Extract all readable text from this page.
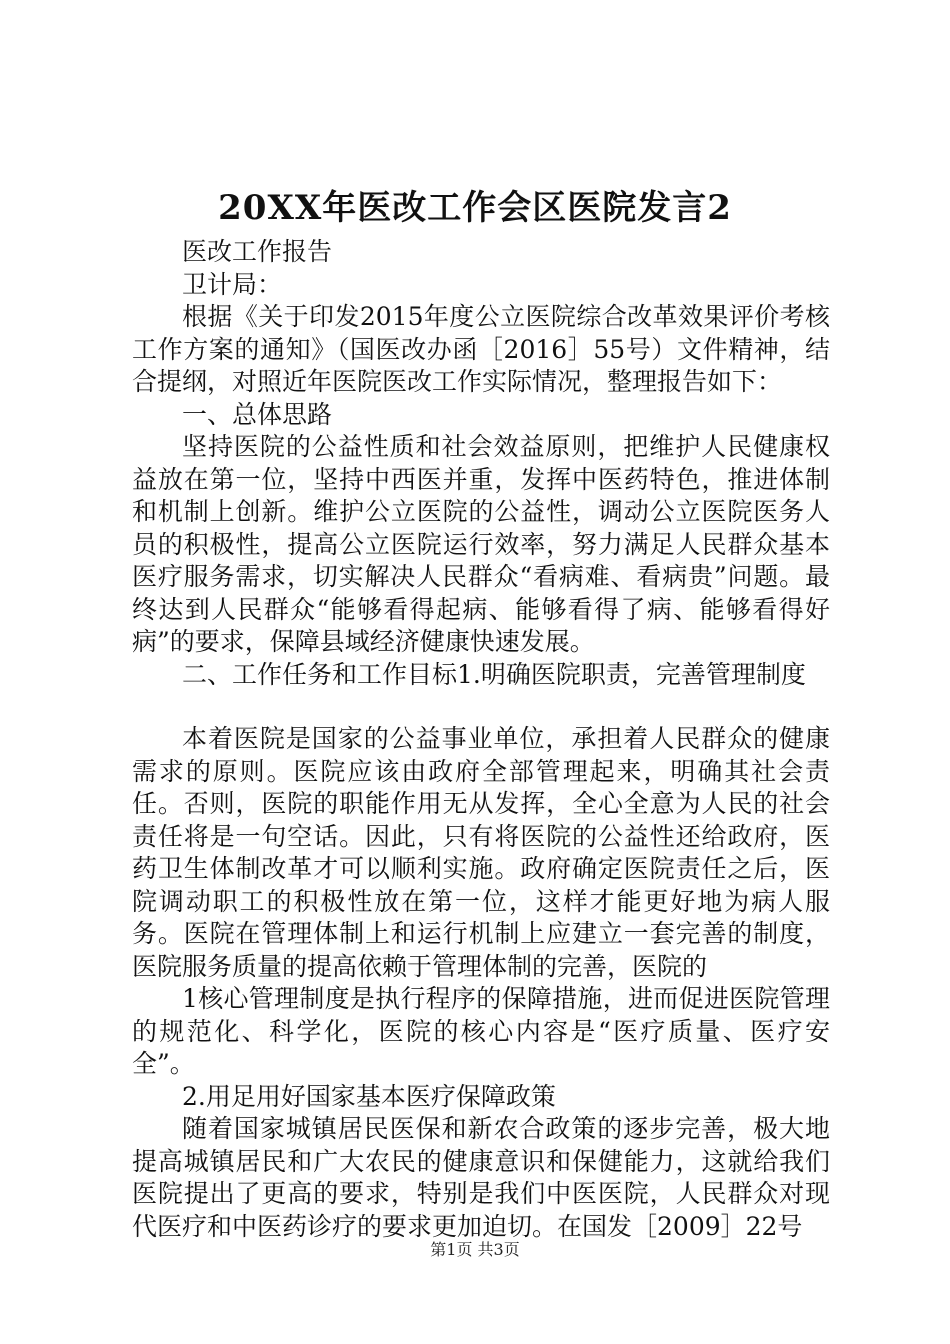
20XX年医改工作会区医院发言2

医改工作报告

卫计局：

根据《关于印发2015年度公立医院综合改革效果评价考核工作方案的通知》（国医改办函［2016］55号）文件精神，结合提纲，对照近年医院医改工作实际情况，整理报告如下：

一、总体思路

坚持医院的公益性质和社会效益原则，把维护人民健康权益放在第一位，坚持中西医并重，发挥中医药特色，推进体制和机制上创新。维护公立医院的公益性，调动公立医院医务人员的积极性，提高公立医院运行效率，努力满足人民群众基本医疗服务需求，切实解决人民群众“看病难、看病贵”问题。最终达到人民群众“能够看得起病、能够看得了病、能够看得好病”的要求，保障县域经济健康快速发展。

二、工作任务和工作目标1.明确医院职责，完善管理制度

本着医院是国家的公益事业单位，承担着人民群众的健康需求的原则。医院应该由政府全部管理起来，明确其社会责任。否则，医院的职能作用无从发挥，全心全意为人民的社会责任将是一句空话。因此，只有将医院的公益性还给政府，医药卫生体制改革才可以顺利实施。政府确定医院责任之后，医院调动职工的积极性放在第一位，这样才能更好地为病人服务。医院在管理体制上和运行机制上应建立一套完善的制度，医院服务质量的提高依赖于管理体制的完善，医院的

1核心管理制度是执行程序的保障措施，进而促进医院管理的规范化、科学化，医院的核心内容是“医疗质量、医疗安全”。

2.用足用好国家基本医疗保障政策

随着国家城镇居民医保和新农合政策的逐步完善，极大地提高城镇居民和广大农民的健康意识和保健能力，这就给我们医院提出了更高的要求，特别是我们中医医院，人民群众对现代医疗和中医药诊疗的要求更加迫切。在国发［2009］22号

第1页 共3页
